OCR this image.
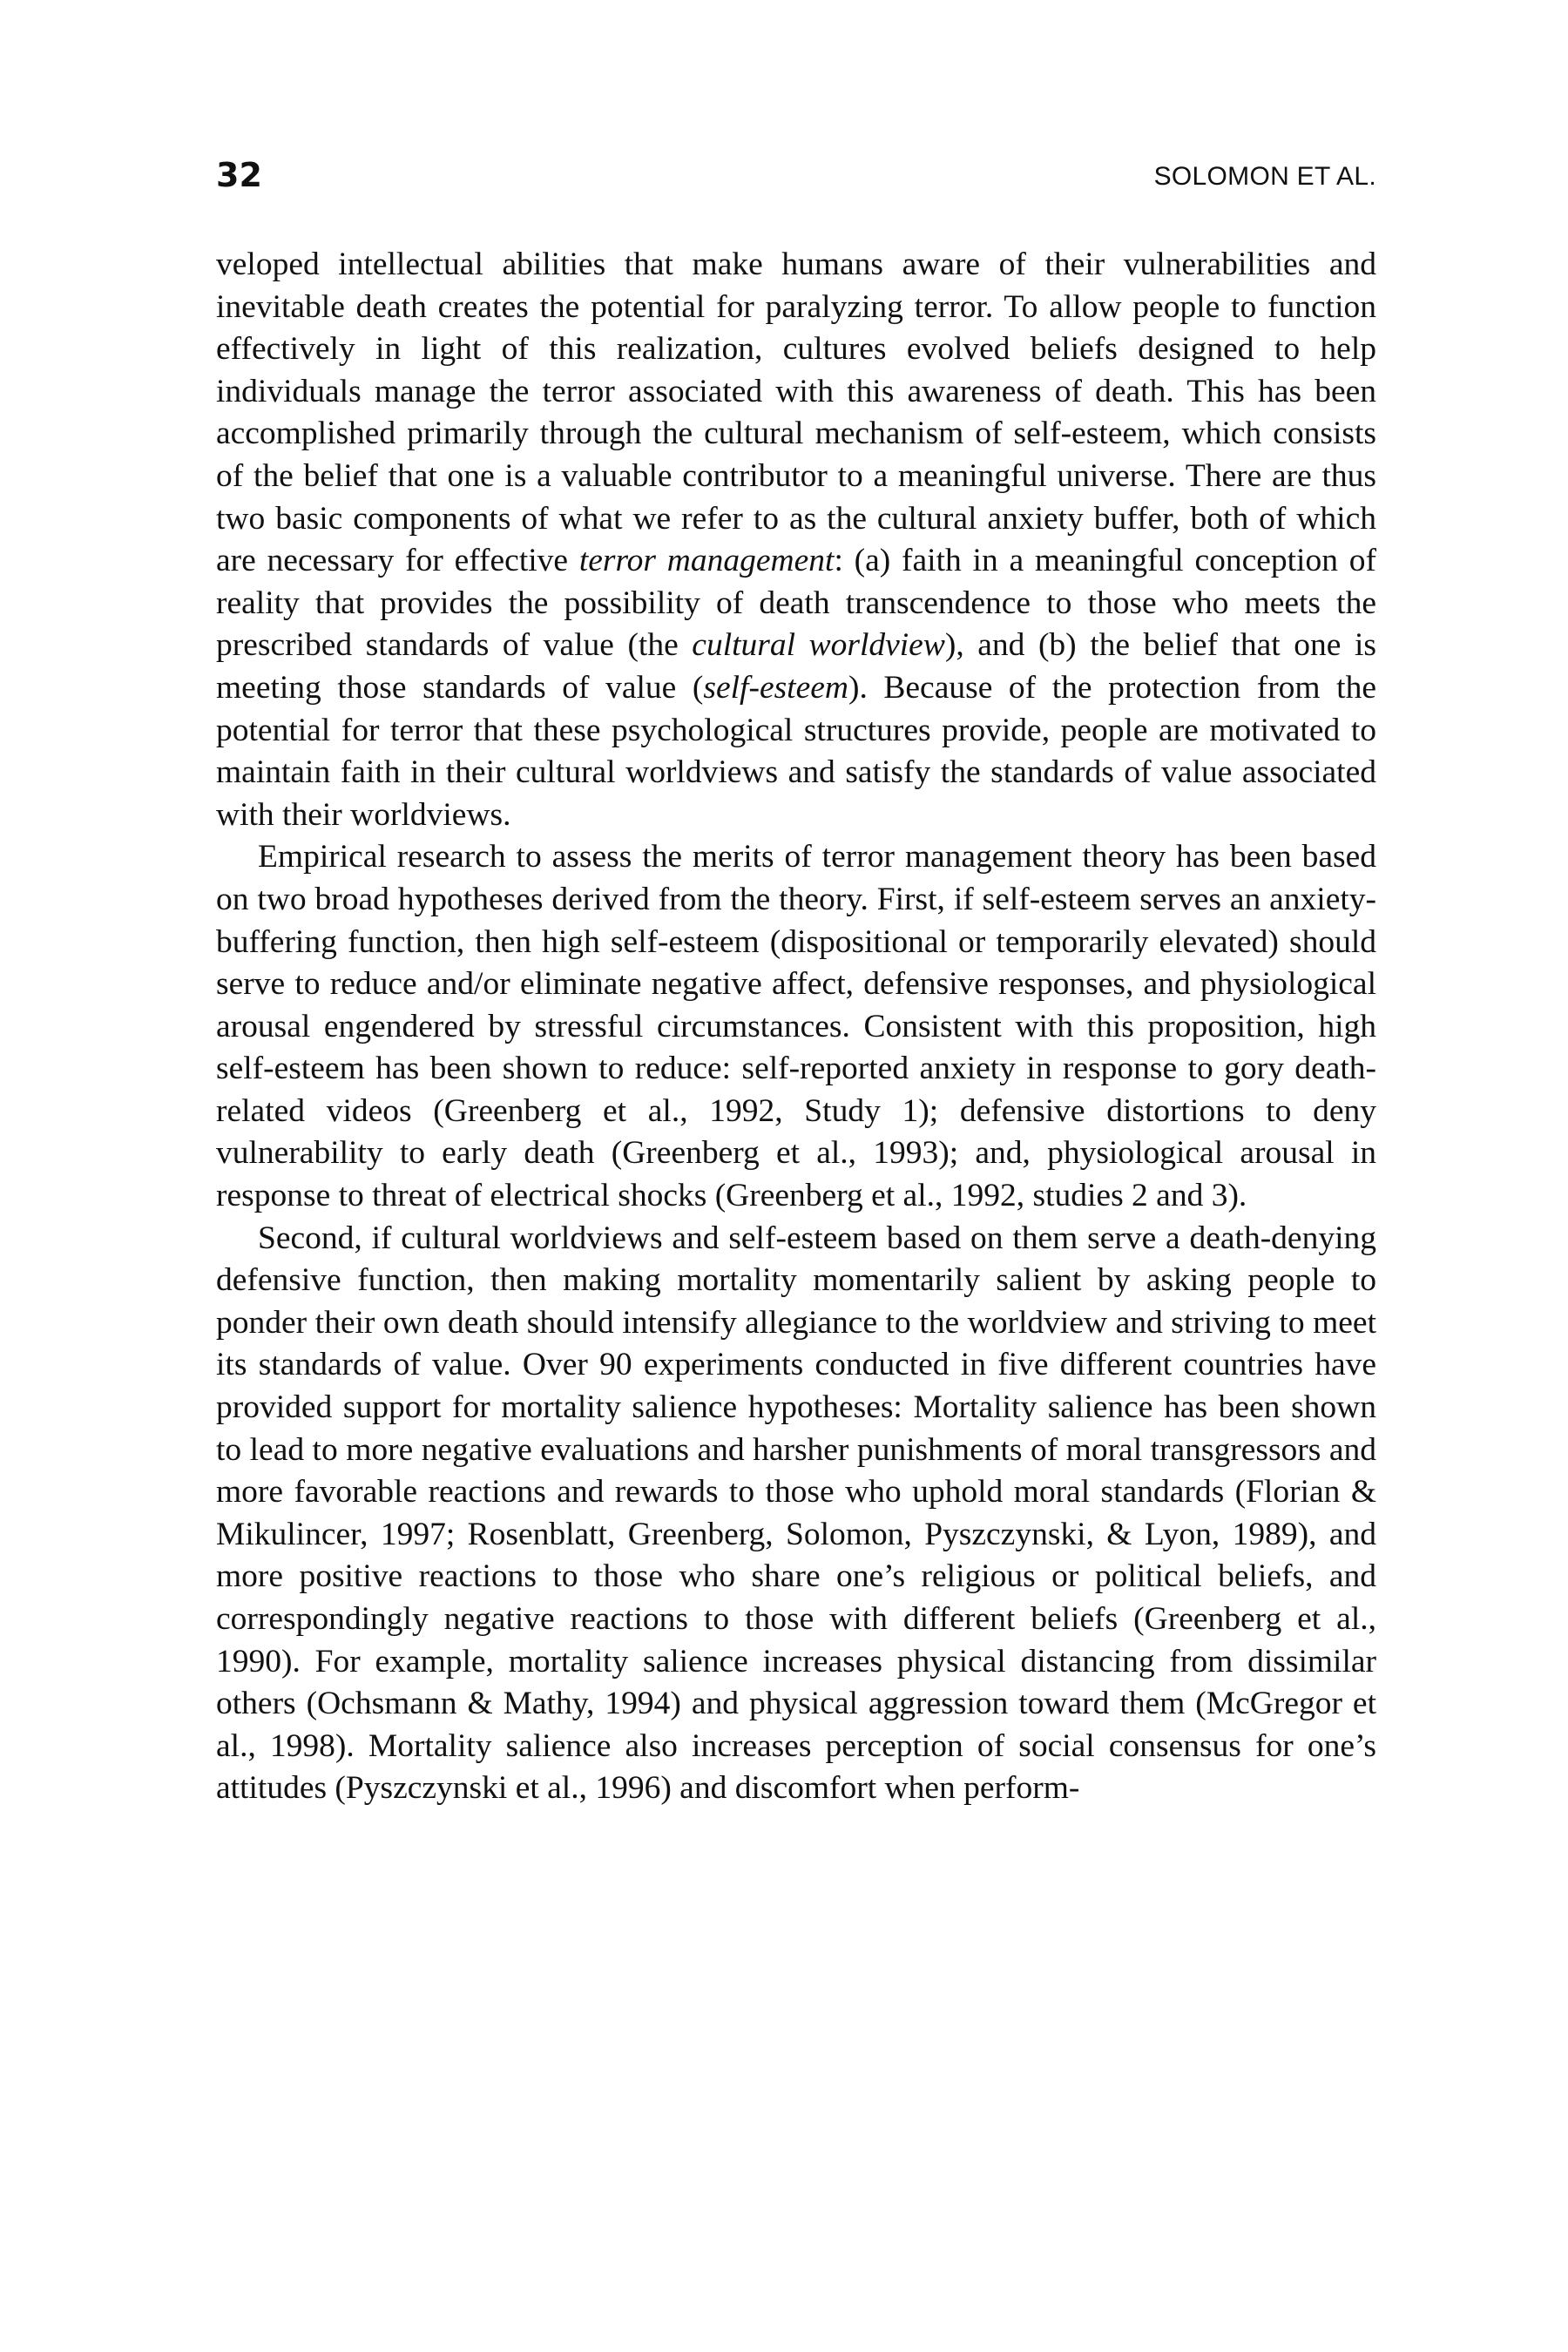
32	SOLOMON ET AL.

veloped intellectual abilities that make humans aware of their vulnerabilities and inevitable death creates the potential for paralyzing terror. To allow people to function effectively in light of this realization, cultures evolved beliefs designed to help individuals manage the terror associated with this awareness of death. This has been accomplished primarily through the cultural mechanism of self-esteem, which consists of the belief that one is a valuable contributor to a meaningful universe. There are thus two basic components of what we refer to as the cultural anxiety buffer, both of which are necessary for effective terror management: (a) faith in a meaningful conception of reality that provides the possibility of death transcendence to those who meets the prescribed standards of value (the cultural worldview), and (b) the belief that one is meeting those standards of value (self-esteem). Because of the protection from the potential for terror that these psychological structures provide, people are motivated to maintain faith in their cultural worldviews and satisfy the standards of value associated with their worldviews.

Empirical research to assess the merits of terror management theory has been based on two broad hypotheses derived from the theory. First, if self-esteem serves an anxiety-buffering function, then high self-esteem (dispositional or temporarily elevated) should serve to reduce and/or eliminate negative affect, defensive responses, and physiological arousal engendered by stressful circumstances. Consistent with this proposition, high self-esteem has been shown to reduce: self-reported anxiety in response to gory death-related videos (Greenberg et al., 1992, Study 1); defensive distortions to deny vulnerability to early death (Greenberg et al., 1993); and, physiological arousal in response to threat of electrical shocks (Greenberg et al., 1992, studies 2 and 3).

Second, if cultural worldviews and self-esteem based on them serve a death-denying defensive function, then making mortality momentarily salient by asking people to ponder their own death should intensify allegiance to the worldview and striving to meet its standards of value. Over 90 experiments conducted in five different countries have provided support for mortality salience hypotheses: Mortality salience has been shown to lead to more negative evaluations and harsher punishments of moral transgressors and more favorable reactions and rewards to those who uphold moral standards (Florian & Mikulincer, 1997; Rosenblatt, Greenberg, Solomon, Pyszczynski, & Lyon, 1989), and more positive reactions to those who share one’s religious or political beliefs, and correspondingly negative reactions to those with different beliefs (Greenberg et al., 1990). For example, mortality salience increases physical distancing from dissimilar others (Ochsmann & Mathy, 1994) and physical aggression toward them (McGregor et al., 1998). Mortality salience also increases perception of social consensus for one’s attitudes (Pyszczynski et al., 1996) and discomfort when perform-
